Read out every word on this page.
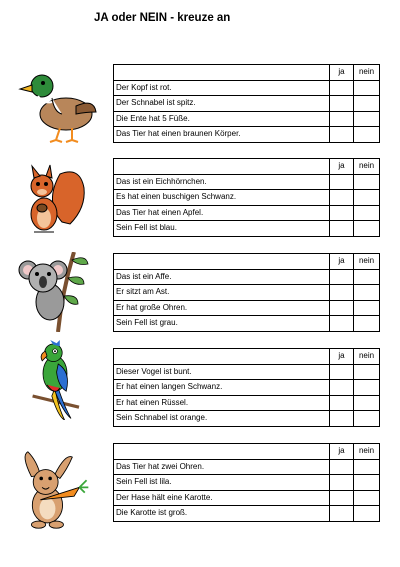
JA oder NEIN - kreuze an
	ja	nein
Der Kopf ist rot.		
Der Schnabel ist spitz.		
Die Ente hat 5 Füße.		
Das Tier hat einen braunen Körper.		
	ja	nein
Das ist ein Eichhörnchen.		
Es hat einen buschigen Schwanz.		
Das Tier hat einen Apfel.		
Sein Fell ist blau.		
	ja	nein
Das ist ein Affe.		
Er sitzt am Ast.		
Er hat große Ohren.		
Sein Fell ist grau.		
	ja	nein
Dieser Vogel ist bunt.		
Er hat einen langen Schwanz.		
Er hat einen Rüssel.		
Sein Schnabel ist orange.		
	ja	nein
Das Tier hat zwei Ohren.		
Sein Fell ist lila.		
Der Hase hält eine Karotte.		
Die Karotte ist groß.		
